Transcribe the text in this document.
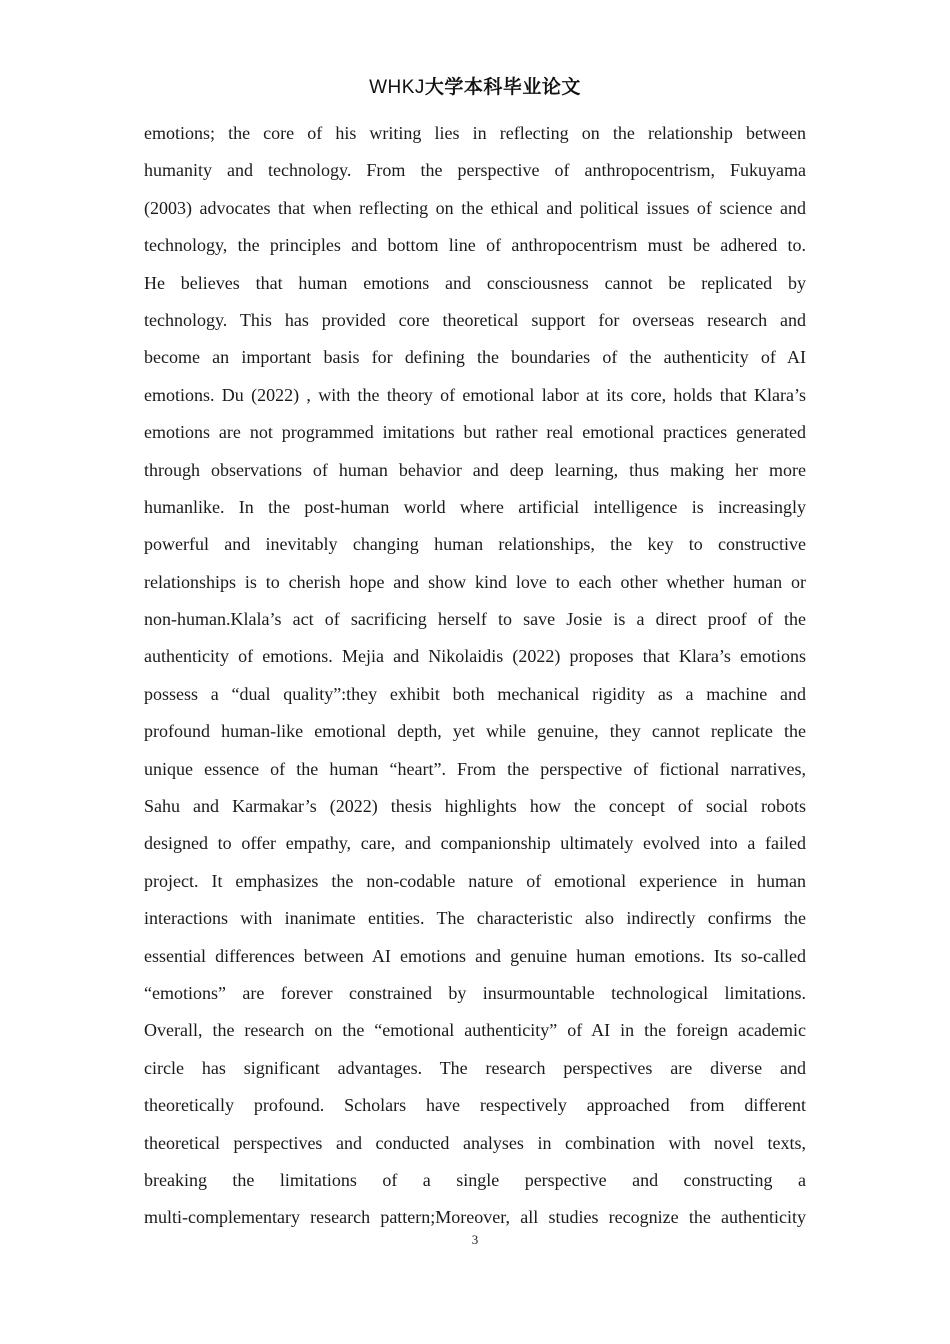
WHKJ大学本科毕业论文
emotions; the core of his writing lies in reflecting on the relationship between
humanity and technology. From the perspective of anthropocentrism, Fukuyama
(2003) advocates that when reflecting on the ethical and political issues of science and
technology, the principles and bottom line of anthropocentrism must be adhered to.
He believes that human emotions and consciousness cannot be replicated by
technology. This has provided core theoretical support for overseas research and
become an important basis for defining the boundaries of the authenticity of AI
emotions. Du (2022) , with the theory of emotional labor at its core, holds that Klara’s
emotions are not programmed imitations but rather real emotional practices generated
through observations of human behavior and deep learning, thus making her more
humanlike. In the post-human world where artificial intelligence is increasingly
powerful and inevitably changing human relationships, the key to constructive
relationships is to cherish hope and show kind love to each other whether human or
non-human.Klala’s act of sacrificing herself to save Josie is a direct proof of the
authenticity of emotions. Mejia and Nikolaidis (2022) proposes that Klara’s emotions
possess a “dual quality”:they exhibit both mechanical rigidity as a machine and
profound human-like emotional depth, yet while genuine, they cannot replicate the
unique essence of the human “heart”. From the perspective of fictional narratives,
Sahu and Karmakar’s (2022) thesis highlights how the concept of social robots
designed to offer empathy, care, and companionship ultimately evolved into a failed
project. It emphasizes the non-codable nature of emotional experience in human
interactions with inanimate entities. The characteristic also indirectly confirms the
essential differences between AI emotions and genuine human emotions. Its so-called
“emotions” are forever constrained by insurmountable technological limitations.
Overall, the research on the “emotional authenticity” of AI in the foreign academic
circle has significant advantages. The research perspectives are diverse and
theoretically profound. Scholars have respectively approached from different
theoretical perspectives and conducted analyses in combination with novel texts,
breaking the limitations of a single perspective and constructing a
multi-complementary research pattern;Moreover, all studies recognize the authenticity
3
